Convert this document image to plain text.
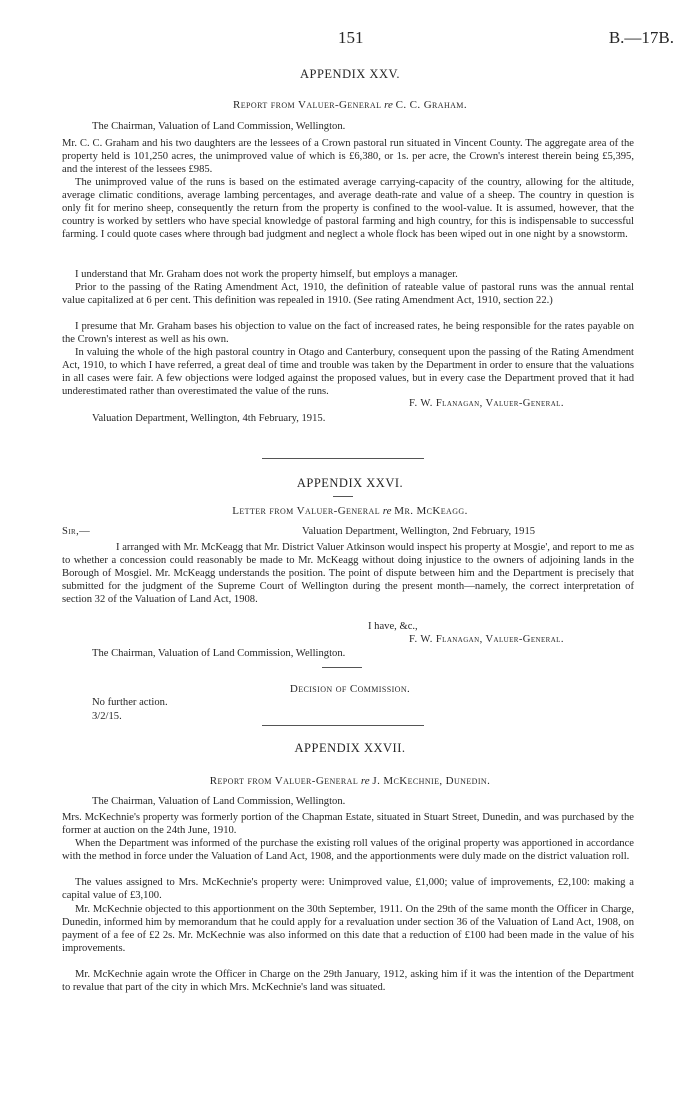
151	B.—17B.
APPENDIX XXV.
Report from Valuer-General re C. C. Graham.
The Chairman, Valuation of Land Commission, Wellington.

Mr. C. C. Graham and his two daughters are the lessees of a Crown pastoral run situated in Vincent County. The aggregate area of the property held is 101,250 acres, the unimproved value of which is £6,380, or 1s. per acre, the Crown's interest therein being £5,395, and the interest of the lessees £985.

The unimproved value of the runs is based on the estimated average carrying-capacity of the country, allowing for the altitude, average climatic conditions, average lambing percentages, and average death-rate and value of a sheep. The country in question is only fit for merino sheep, consequently the return from the property is confined to the wool-value. It is assumed, however, that the country is worked by settlers who have special knowledge of pastoral farming and high country, for this is indispensable to successful farming. I could quote cases where through bad judgment and neglect a whole flock has been wiped out in one night by a snowstorm.

I understand that Mr. Graham does not work the property himself, but employs a manager.

Prior to the passing of the Rating Amendment Act, 1910, the definition of rateable value of pastoral runs was the annual rental value capitalized at 6 per cent. This definition was repealed in 1910. (See rating Amendment Act, 1910, section 22.)

I presume that Mr. Graham bases his objection to value on the fact of increased rates, he being responsible for the rates payable on the Crown's interest as well as his own.

In valuing the whole of the high pastoral country in Otago and Canterbury, consequent upon the passing of the Rating Amendment Act, 1910, to which I have referred, a great deal of time and trouble was taken by the Department in order to ensure that the valuations in all cases were fair. A few objections were lodged against the proposed values, but in every case the Department proved that it had underestimated rather than overestimated the value of the runs.

F. W. Flanagan, Valuer-General.
Valuation Department, Wellington, 4th February, 1915.
APPENDIX XXVI.
Letter from Valuer-General re Mr. McKeagg.
Sir,—	Valuation Department, Wellington, 2nd February, 1915

I arranged with Mr. McKeagg that Mr. District Valuer Atkinson would inspect his property at Mosgie', and report to me as to whether a concession could reasonably be made to Mr. McKeagg without doing injustice to the owners of adjoining lands in the Borough of Mosgiel. Mr. McKeagg understands the position. The point of dispute between him and the Department is precisely that submitted for the judgment of the Supreme Court of Wellington during the present month—namely, the correct interpretation of section 32 of the Valuation of Land Act, 1908.

I have, &c.,
F. W. Flanagan, Valuer-General.
The Chairman, Valuation of Land Commission, Wellington.
Decision of Commission.
No further action.
3/2/15.
APPENDIX XXVII.
Report from Valuer-General re J. McKechnie, Dunedin.
The Chairman, Valuation of Land Commission, Wellington.

Mrs. McKechnie's property was formerly portion of the Chapman Estate, situated in Stuart Street, Dunedin, and was purchased by the former at auction on the 24th June, 1910.

When the Department was informed of the purchase the existing roll values of the original property was apportioned in accordance with the method in force under the Valuation of Land Act, 1908, and the apportionments were duly made on the district valuation roll.

The values assigned to Mrs. McKechnie's property were: Unimproved value, £1,000; value of improvements, £2,100: making a capital value of £3,100.

Mr. McKechnie objected to this apportionment on the 30th September, 1911. On the 29th of the same month the Officer in Charge, Dunedin, informed him by memorandum that he could apply for a revaluation under section 36 of the Valuation of Land Act, 1908, on payment of a fee of £2 2s. Mr. McKechnie was also informed on this date that a reduction of £100 had been made in the value of his improvements.

Mr. McKechnie again wrote the Officer in Charge on the 29th January, 1912, asking him if it was the intention of the Department to revalue that part of the city in which Mrs. McKechnie's land was situated.
